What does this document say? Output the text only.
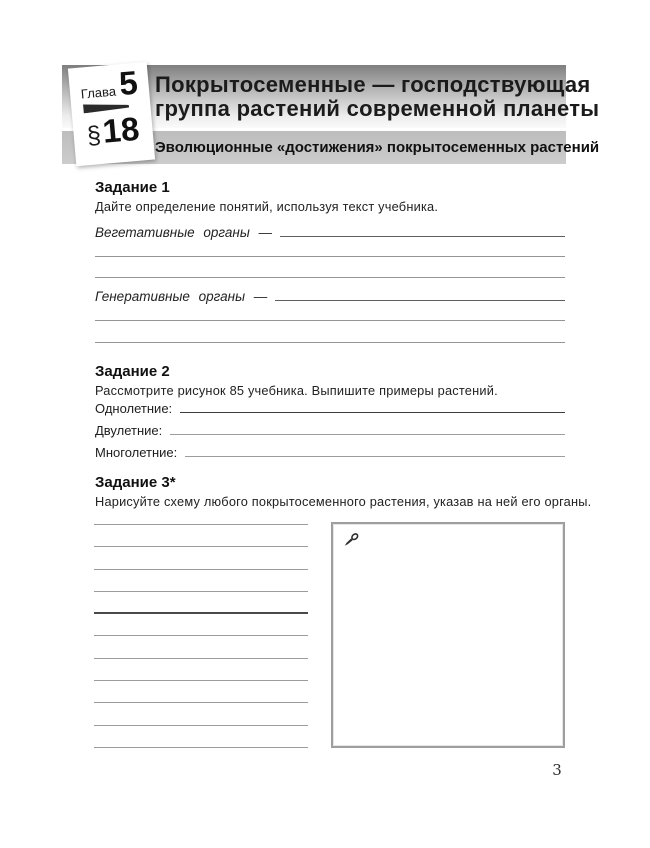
Покрытосеменные — господствующая
группа растений современной планеты
Эволюционные «достижения» покрытосеменных растений
Глава 5
§
18
Задание 1
Дайте определение понятий, используя текст учебника.
Вегетативные органы —
Генеративные органы —
Задание 2
Рассмотрите рисунок 85 учебника. Выпишите примеры растений.
Однолетние:
Двулетние:
Многолетние:
Задание 3*
Нарисуйте схему любого покрытосеменного растения, указав на ней его органы.
3
